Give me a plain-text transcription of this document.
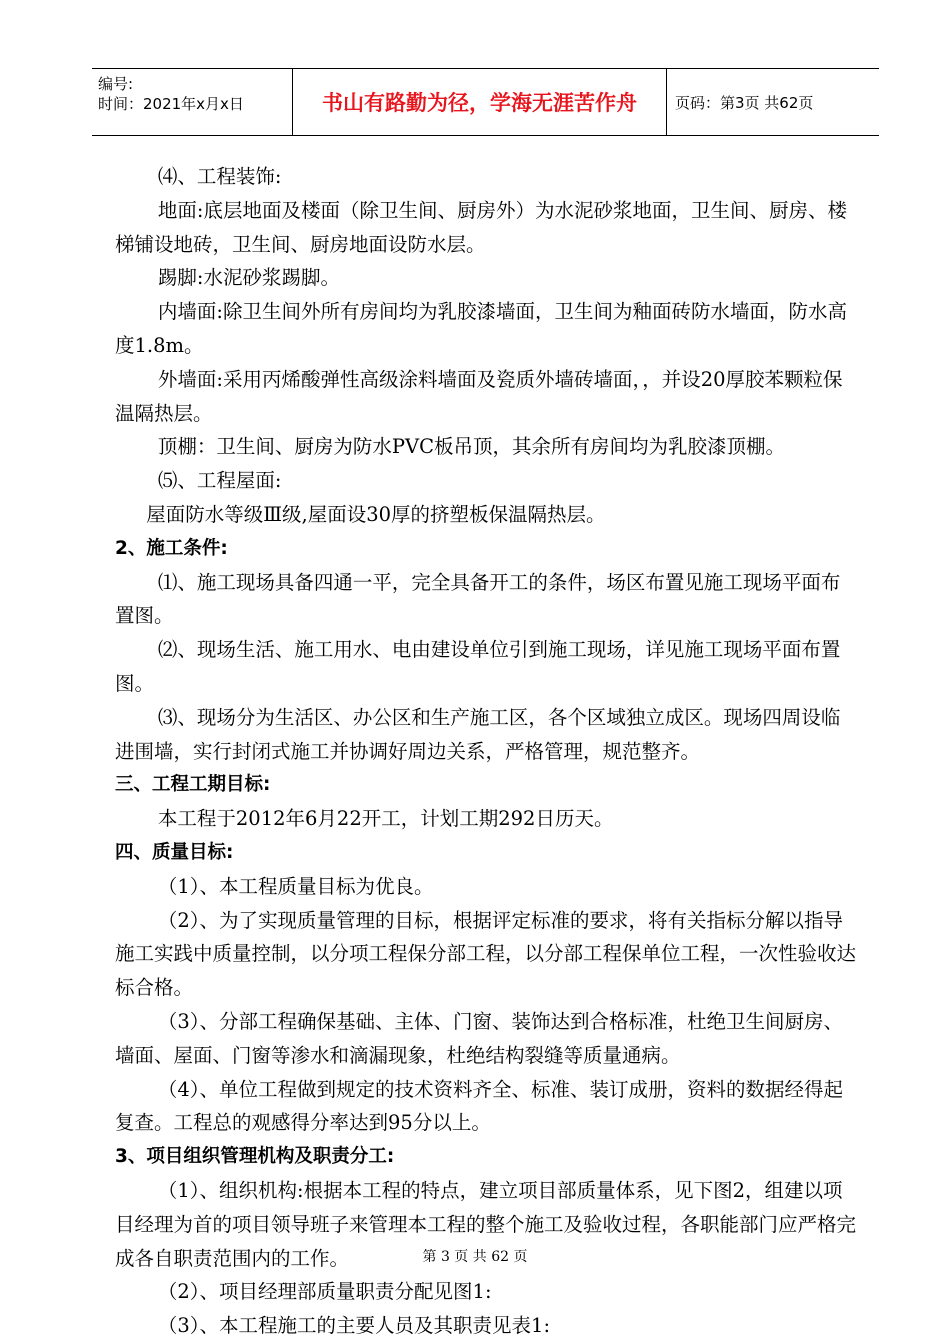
编号:
时间：2021年x月x日	书山有路勤为径，学海无涯苦作舟	页码：第3页 共62页

⑷、工程装饰:

地面:底层地面及楼面（除卫生间、厨房外）为水泥砂浆地面，卫生间、厨房、楼梯铺设地砖，卫生间、厨房地面设防水层。

踢脚:水泥砂浆踢脚。

内墙面:除卫生间外所有房间均为乳胶漆墙面，卫生间为釉面砖防水墙面，防水高度1.8m。

外墙面:采用丙烯酸弹性高级涂料墙面及瓷质外墙砖墙面，，并设20厚胶苯颗粒保温隔热层。

顶棚：卫生间、厨房为防水PVC板吊顶，其余所有房间均为乳胶漆顶棚。

⑸、工程屋面:

屋面防水等级Ⅲ级,屋面设30厚的挤塑板保温隔热层。

2、施工条件:

⑴、施工现场具备四通一平，完全具备开工的条件，场区布置见施工现场平面布置图。

⑵、现场生活、施工用水、电由建设单位引到施工现场，详见施工现场平面布置图。

⑶、现场分为生活区、办公区和生产施工区，各个区域独立成区。现场四周设临进围墙，实行封闭式施工并协调好周边关系，严格管理，规范整齐。

三、工程工期目标:

本工程于2012年6月22开工，计划工期292日历天。

四、质量目标:

（1）、本工程质量目标为优良。

（2）、为了实现质量管理的目标，根据评定标准的要求，将有关指标分解以指导施工实践中质量控制，以分项工程保分部工程，以分部工程保单位工程，一次性验收达标合格。

（3）、分部工程确保基础、主体、门窗、装饰达到合格标准，杜绝卫生间厨房、墙面、屋面、门窗等渗水和滴漏现象，杜绝结构裂缝等质量通病。

（4）、单位工程做到规定的技术资料齐全、标准、装订成册，资料的数据经得起复查。工程总的观感得分率达到95分以上。

3、项目组织管理机构及职责分工:

（1）、组织机构:根据本工程的特点，建立项目部质量体系，见下图2，组建以项目经理为首的项目领导班子来管理本工程的整个施工及验收过程，各职能部门应严格完成各自职责范围内的工作。

（2）、项目经理部质量职责分配见图1:

（3）、本工程施工的主要人员及其职责见表1:

第 3 页 共 62 页
